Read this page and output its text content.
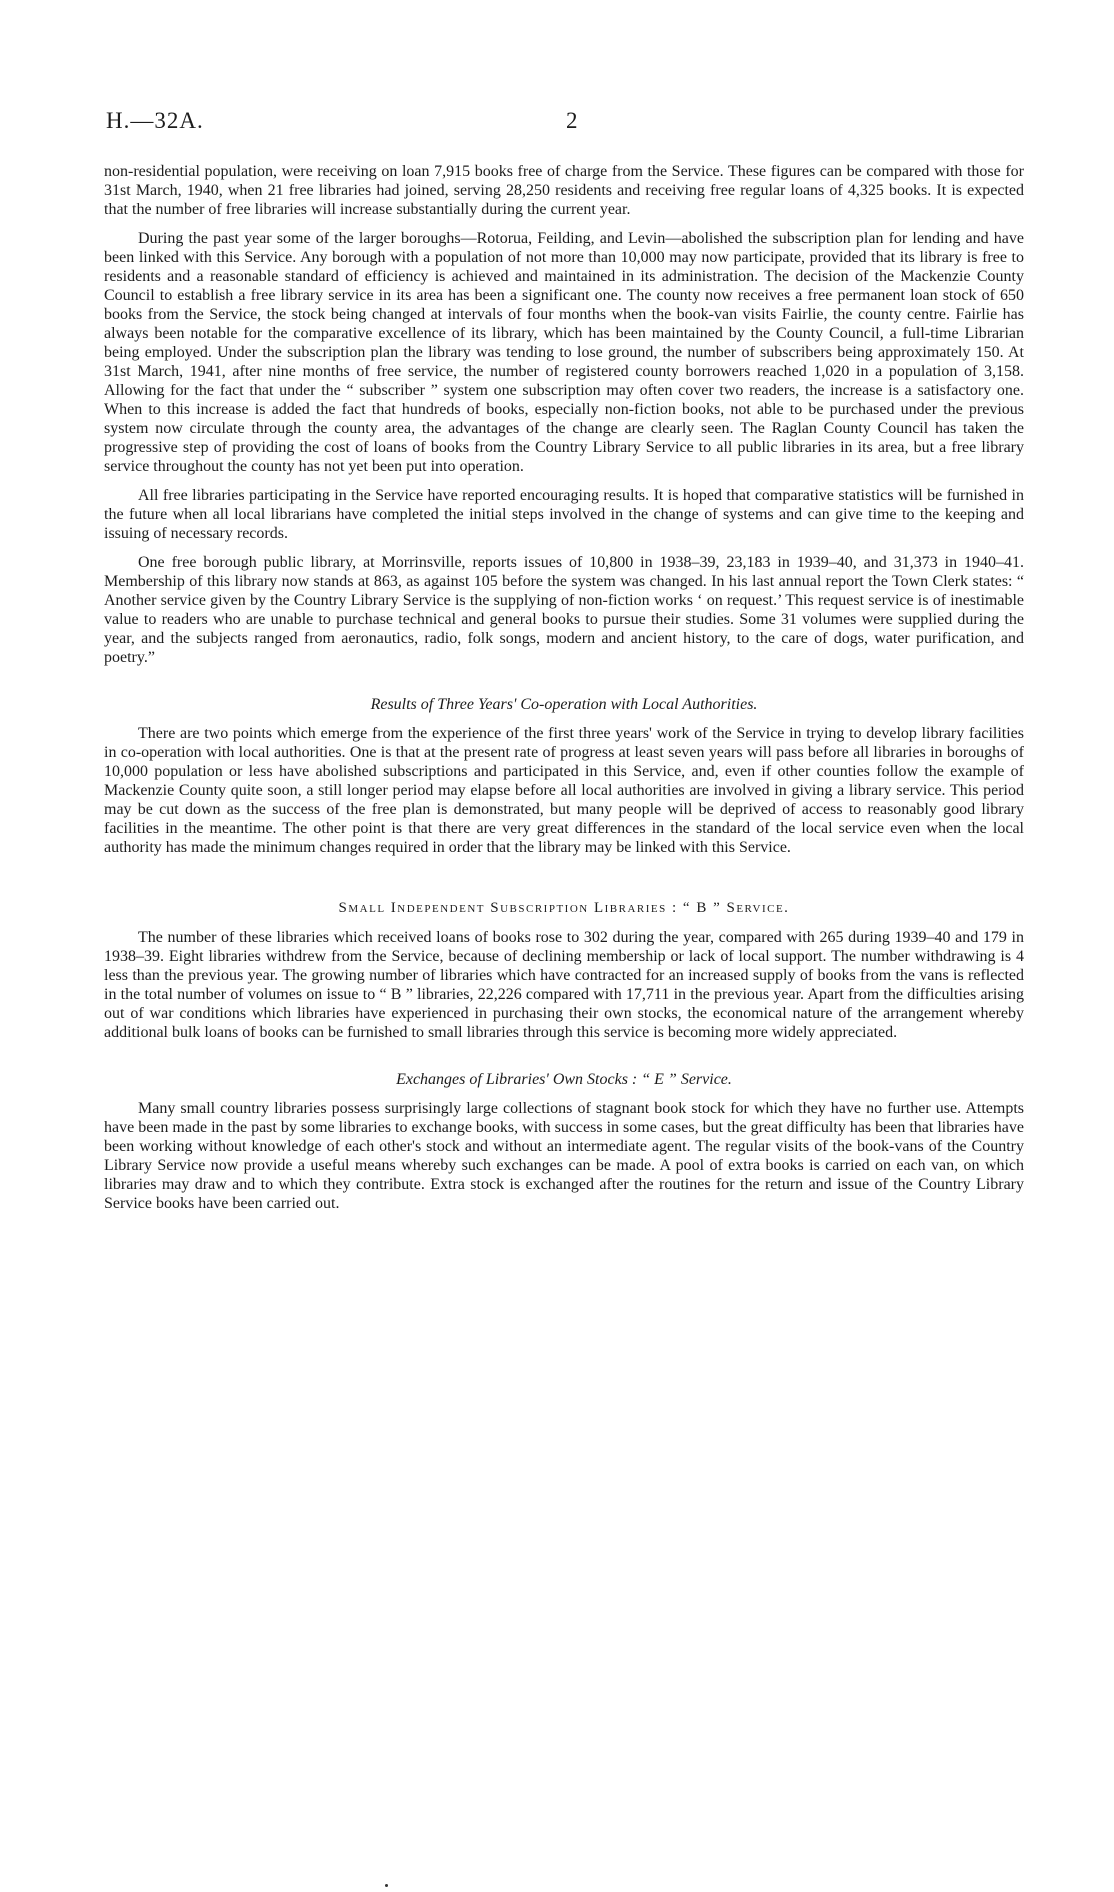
H.—32A.	2

non-residential population, were receiving on loan 7,915 books free of charge from the Service. These figures can be compared with those for 31st March, 1940, when 21 free libraries had joined, serving 28,250 residents and receiving free regular loans of 4,325 books. It is expected that the number of free libraries will increase substantially during the current year.

During the past year some of the larger boroughs—Rotorua, Feilding, and Levin—abolished the subscription plan for lending and have been linked with this Service. Any borough with a population of not more than 10,000 may now participate, provided that its library is free to residents and a reasonable standard of efficiency is achieved and maintained in its administration. The decision of the Mackenzie County Council to establish a free library service in its area has been a significant one. The county now receives a free permanent loan stock of 650 books from the Service, the stock being changed at intervals of four months when the book-van visits Fairlie, the county centre. Fairlie has always been notable for the comparative excellence of its library, which has been maintained by the County Council, a full-time Librarian being employed. Under the subscription plan the library was tending to lose ground, the number of subscribers being approximately 150. At 31st March, 1941, after nine months of free service, the number of registered county borrowers reached 1,020 in a population of 3,158. Allowing for the fact that under the “ subscriber ” system one subscription may often cover two readers, the increase is a satisfactory one. When to this increase is added the fact that hundreds of books, especially non-fiction books, not able to be purchased under the previous system now circulate through the county area, the advantages of the change are clearly seen. The Raglan County Council has taken the progressive step of providing the cost of loans of books from the Country Library Service to all public libraries in its area, but a free library service throughout the county has not yet been put into operation.

All free libraries participating in the Service have reported encouraging results. It is hoped that comparative statistics will be furnished in the future when all local librarians have completed the initial steps involved in the change of systems and can give time to the keeping and issuing of necessary records.

One free borough public library, at Morrinsville, reports issues of 10,800 in 1938–39, 23,183 in 1939–40, and 31,373 in 1940–41. Membership of this library now stands at 863, as against 105 before the system was changed. In his last annual report the Town Clerk states: “ Another service given by the Country Library Service is the supplying of non-fiction works ‘ on request.’ This request service is of inestimable value to readers who are unable to purchase technical and general books to pursue their studies. Some 31 volumes were supplied during the year, and the subjects ranged from aeronautics, radio, folk songs, modern and ancient history, to the care of dogs, water purification, and poetry.”

Results of Three Years' Co-operation with Local Authorities.

There are two points which emerge from the experience of the first three years' work of the Service in trying to develop library facilities in co-operation with local authorities. One is that at the present rate of progress at least seven years will pass before all libraries in boroughs of 10,000 population or less have abolished subscriptions and participated in this Service, and, even if other counties follow the example of Mackenzie County quite soon, a still longer period may elapse before all local authorities are involved in giving a library service. This period may be cut down as the success of the free plan is demonstrated, but many people will be deprived of access to reasonably good library facilities in the meantime. The other point is that there are very great differences in the standard of the local service even when the local authority has made the minimum changes required in order that the library may be linked with this Service.

Small Independent Subscription Libraries : “ B ” Service.

The number of these libraries which received loans of books rose to 302 during the year, compared with 265 during 1939–40 and 179 in 1938–39. Eight libraries withdrew from the Service, because of declining membership or lack of local support. The number withdrawing is 4 less than the previous year. The growing number of libraries which have contracted for an increased supply of books from the vans is reflected in the total number of volumes on issue to “ B ” libraries, 22,226 compared with 17,711 in the previous year. Apart from the difficulties arising out of war conditions which libraries have experienced in purchasing their own stocks, the economical nature of the arrangement whereby additional bulk loans of books can be furnished to small libraries through this service is becoming more widely appreciated.

Exchanges of Libraries' Own Stocks : “ E ” Service.

Many small country libraries possess surprisingly large collections of stagnant book stock for which they have no further use. Attempts have been made in the past by some libraries to exchange books, with success in some cases, but the great difficulty has been that libraries have been working without knowledge of each other's stock and without an intermediate agent. The regular visits of the book-vans of the Country Library Service now provide a useful means whereby such exchanges can be made. A pool of extra books is carried on each van, on which libraries may draw and to which they contribute. Extra stock is exchanged after the routines for the return and issue of the Country Library Service books have been carried out.
